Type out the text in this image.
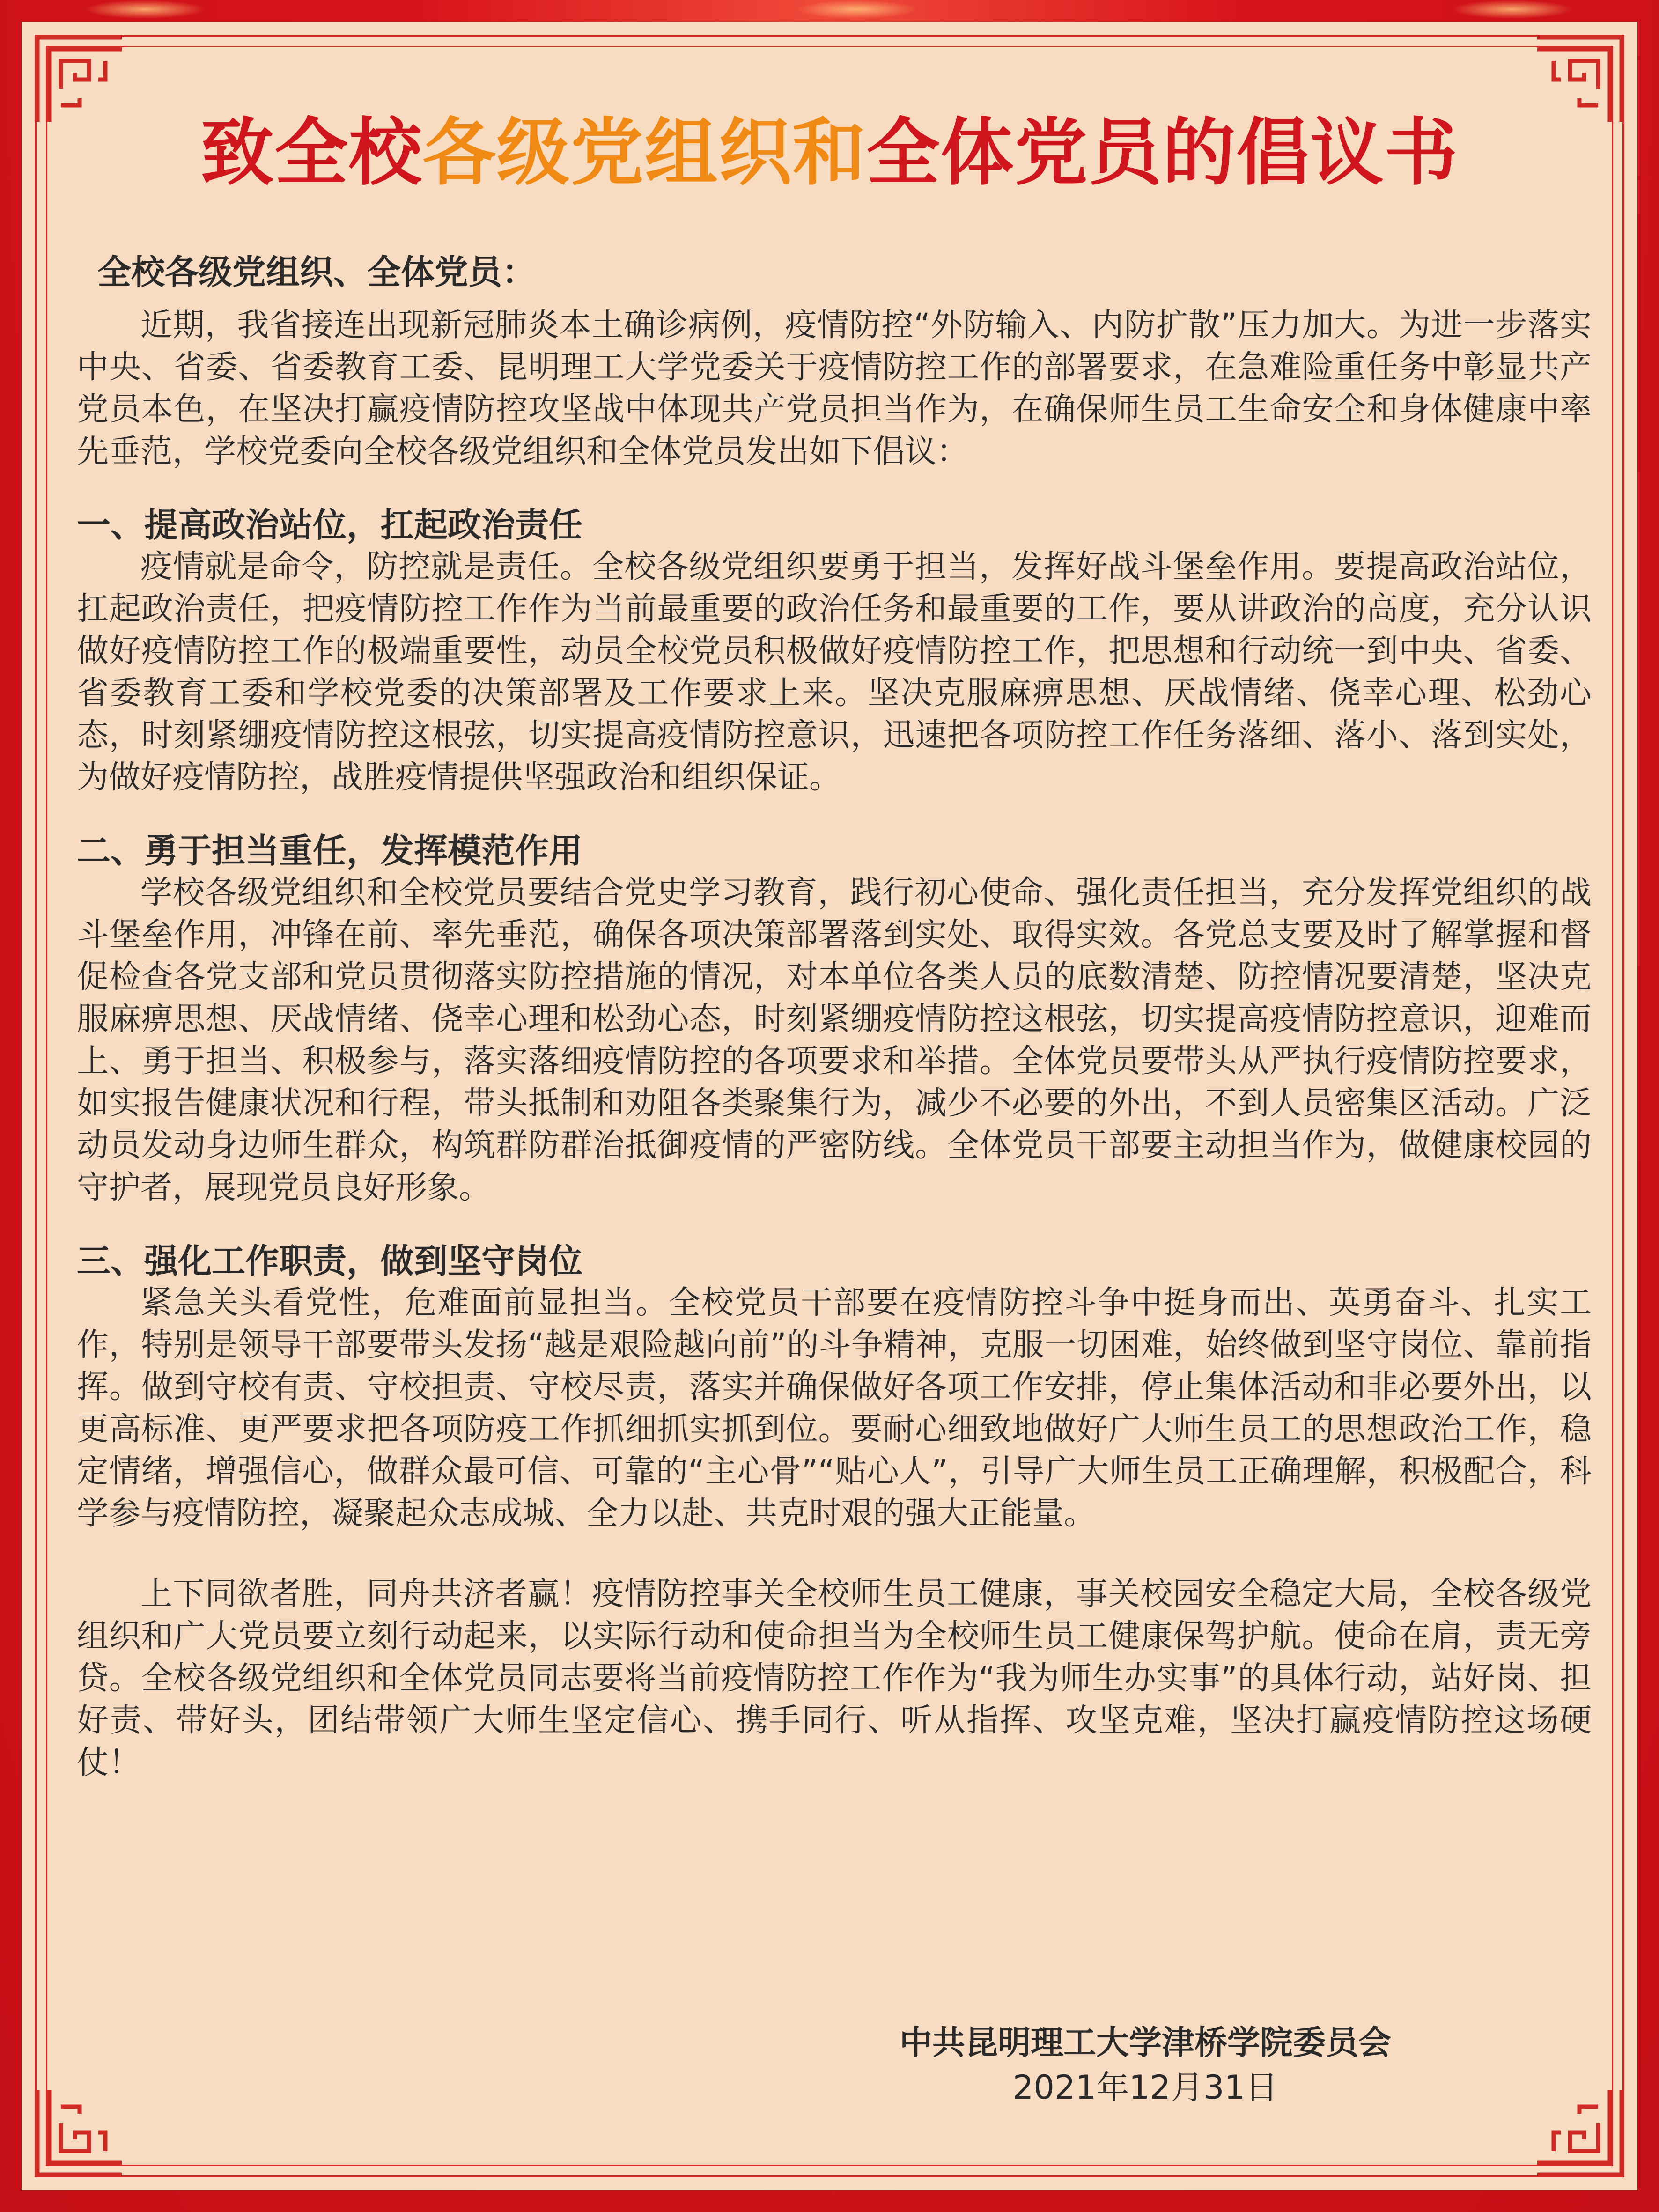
致全校各级党组织和全体党员的倡议书
全校各级党组织、全体党员：

近期，我省接连出现新冠肺炎本土确诊病例，疫情防控“外防输入、内防扩散”压力加大。为进一步落实中央、省委、省委教育工委、昆明理工大学党委关于疫情防控工作的部署要求，在急难险重任务中彰显共产党员本色，在坚决打赢疫情防控攻坚战中体现共产党员担当作为，在确保师生员工生命安全和身体健康中率先垂范，学校党委向全校各级党组织和全体党员发出如下倡议：

一、提高政治站位，扛起政治责任

疫情就是命令，防控就是责任。全校各级党组织要勇于担当，发挥好战斗堡垒作用。要提高政治站位，扛起政治责任，把疫情防控工作作为当前最重要的政治任务和最重要的工作，要从讲政治的高度，充分认识做好疫情防控工作的极端重要性，动员全校党员积极做好疫情防控工作，把思想和行动统一到中央、省委、省委教育工委和学校党委的决策部署及工作要求上来。坚决克服麻痹思想、厌战情绪、侥幸心理、松劲心态，时刻紧绷疫情防控这根弦，切实提高疫情防控意识，迅速把各项防控工作任务落细、落小、落到实处，为做好疫情防控，战胜疫情提供坚强政治和组织保证。

二、勇于担当重任，发挥模范作用

学校各级党组织和全校党员要结合党史学习教育，践行初心使命、强化责任担当，充分发挥党组织的战斗堡垒作用，冲锋在前、率先垂范，确保各项决策部署落到实处、取得实效。各党总支要及时了解掌握和督促检查各党支部和党员贯彻落实防控措施的情况，对本单位各类人员的底数清楚、防控情况要清楚，坚决克服麻痹思想、厌战情绪、侥幸心理和松劲心态，时刻紧绷疫情防控这根弦，切实提高疫情防控意识，迎难而上、勇于担当、积极参与，落实落细疫情防控的各项要求和举措。全体党员要带头从严执行疫情防控要求，如实报告健康状况和行程，带头抵制和劝阻各类聚集行为，减少不必要的外出，不到人员密集区活动。广泛动员发动身边师生群众，构筑群防群治抵御疫情的严密防线。全体党员干部要主动担当作为，做健康校园的守护者，展现党员良好形象。

三、强化工作职责，做到坚守岗位

紧急关头看党性，危难面前显担当。全校党员干部要在疫情防控斗争中挺身而出、英勇奋斗、扎实工作，特别是领导干部要带头发扬“越是艰险越向前”的斗争精神，克服一切困难，始终做到坚守岗位、靠前指挥。做到守校有责、守校担责、守校尽责，落实并确保做好各项工作安排，停止集体活动和非必要外出，以更高标准、更严要求把各项防疫工作抓细抓实抓到位。要耐心细致地做好广大师生员工的思想政治工作，稳定情绪，增强信心，做群众最可信、可靠的“主心骨”“贴心人”，引导广大师生员工正确理解，积极配合，科学参与疫情防控，凝聚起众志成城、全力以赴、共克时艰的强大正能量。

上下同欲者胜，同舟共济者赢！疫情防控事关全校师生员工健康，事关校园安全稳定大局，全校各级党组织和广大党员要立刻行动起来，以实际行动和使命担当为全校师生员工健康保驾护航。使命在肩，责无旁贷。全校各级党组织和全体党员同志要将当前疫情防控工作作为“我为师生办实事”的具体行动，站好岗、担好责、带好头，团结带领广大师生坚定信心、携手同行、听从指挥、攻坚克难，坚决打赢疫情防控这场硬仗！

中共昆明理工大学津桥学院委员会
2021年12月31日
